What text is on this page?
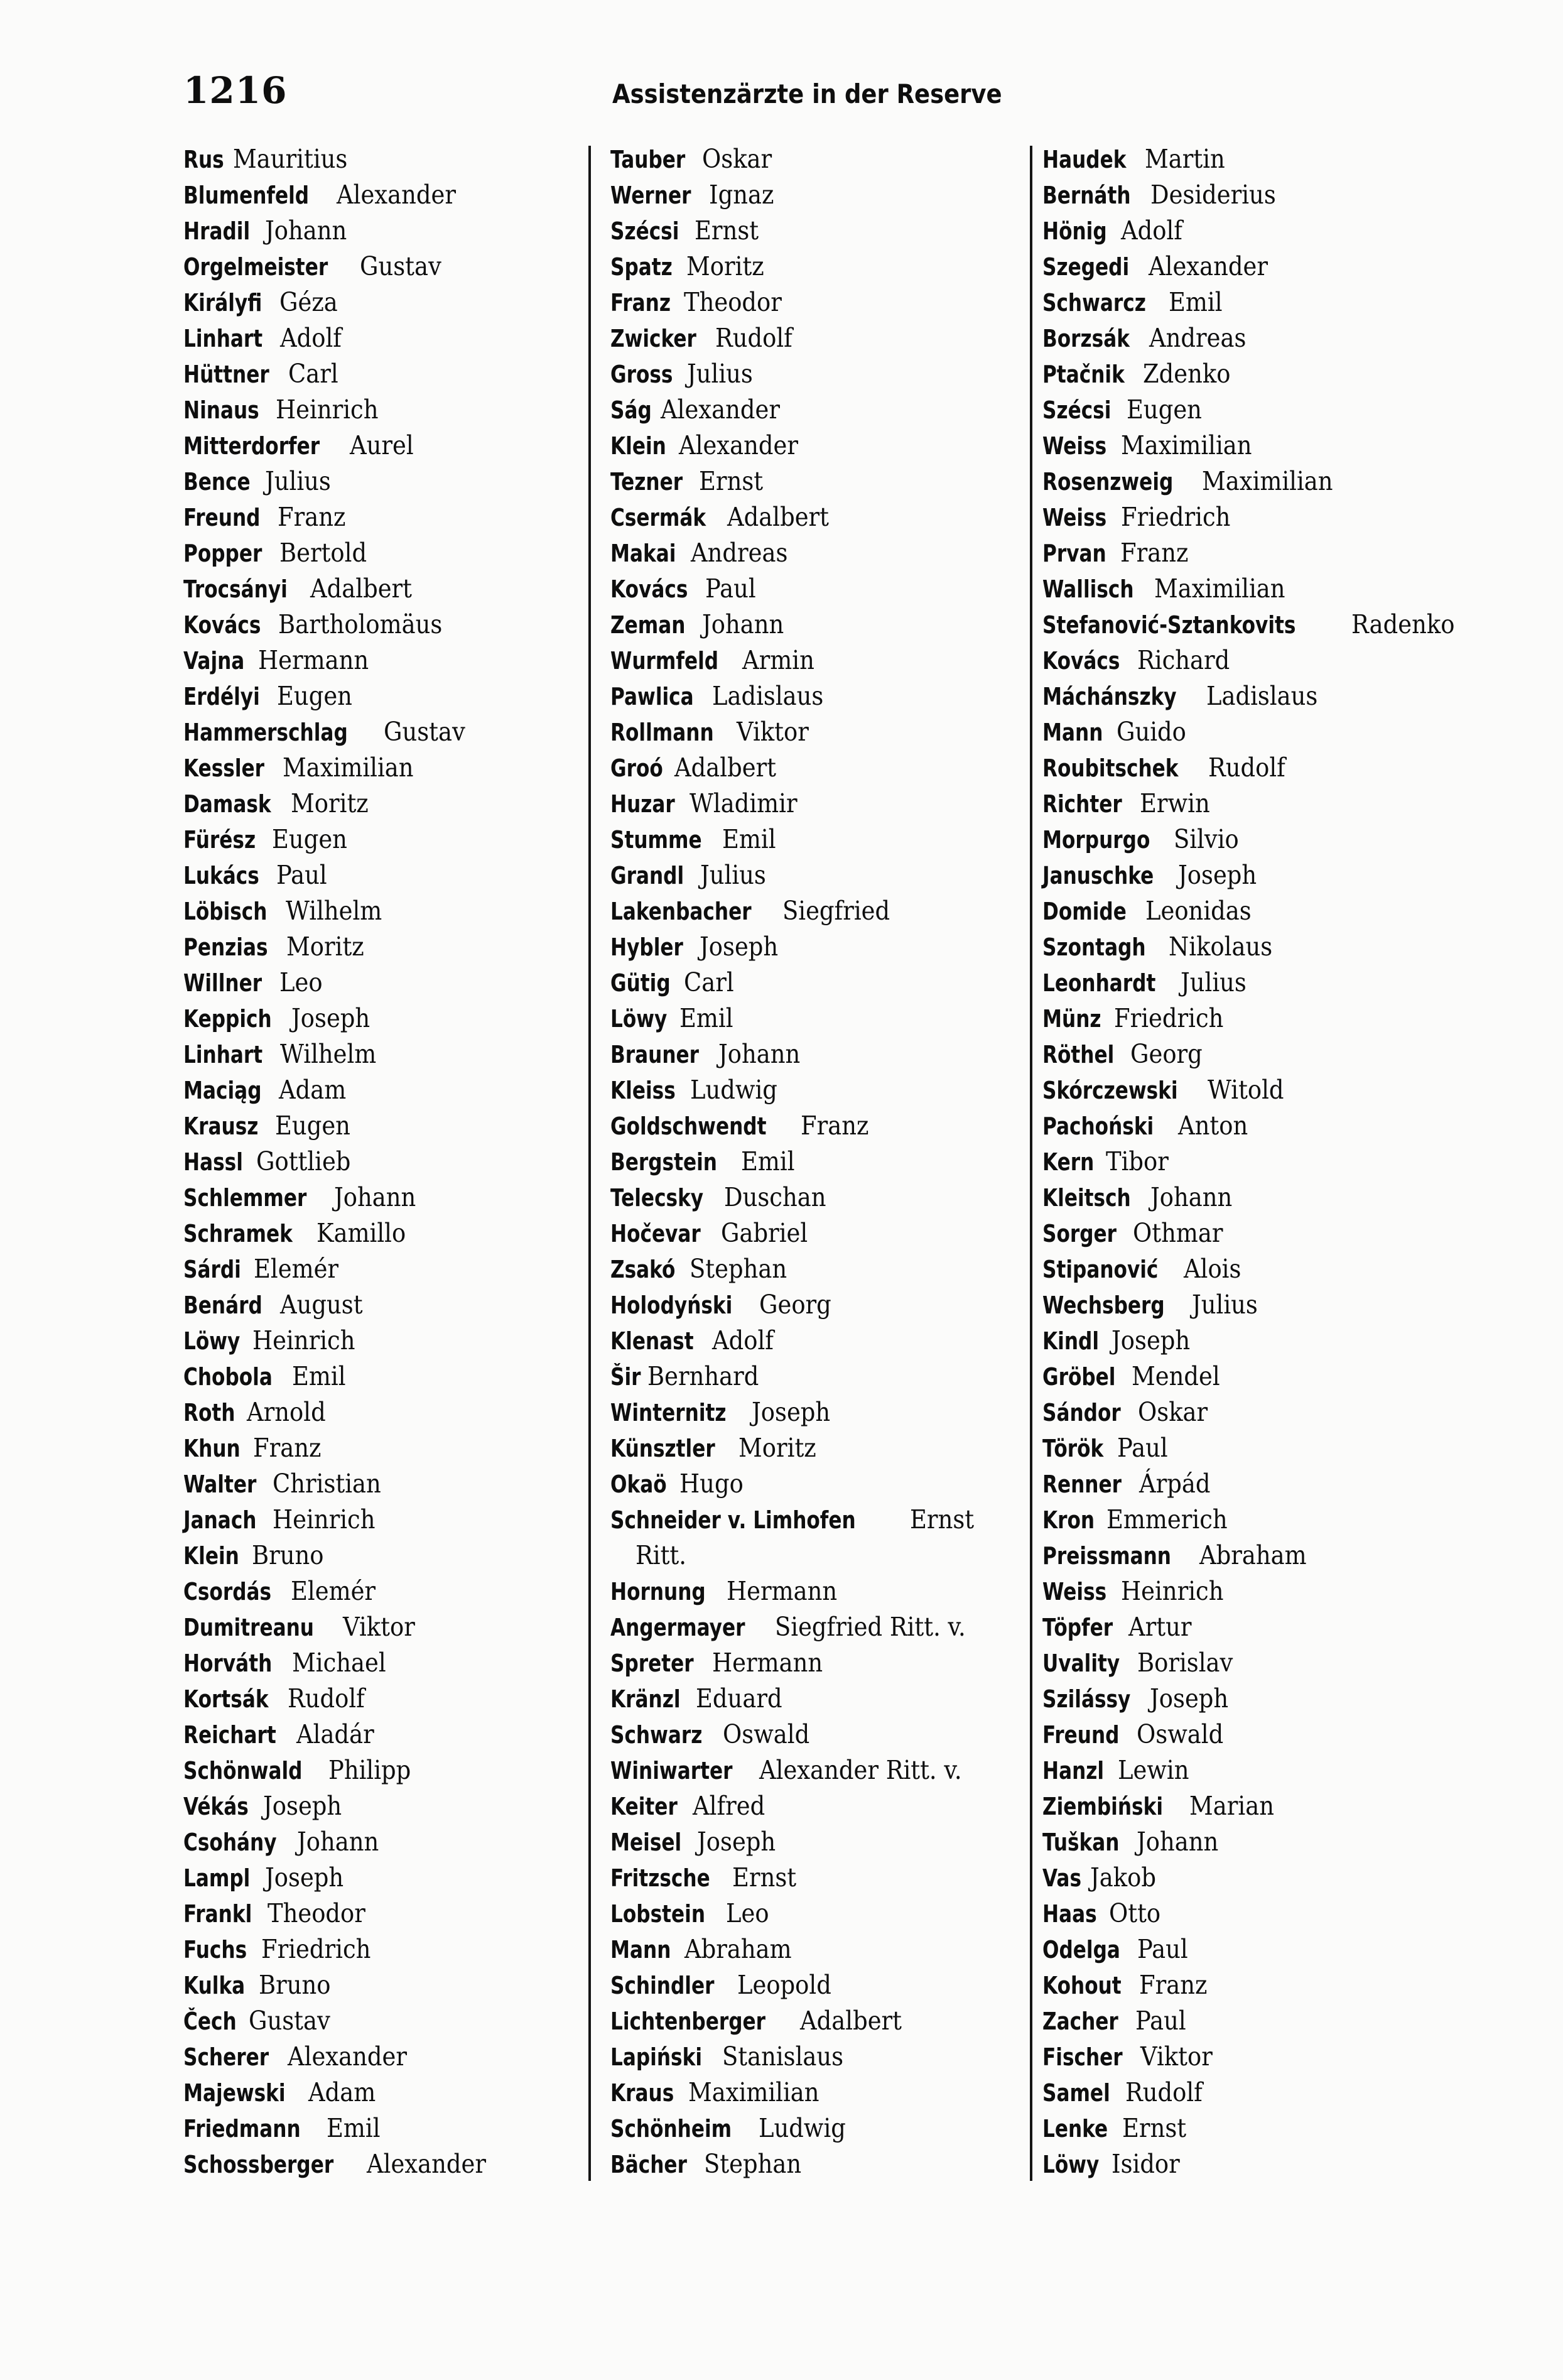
1216	Assistenzärzte in der Reserve
Rus Mauritius
Blumenfeld Alexander
Hradil Johann
Orgelmeister Gustav
Királyfi Géza
Linhart Adolf
Hüttner Carl
Ninaus Heinrich
Mitterdorfer Aurel
Bence Julius
Freund Franz
Popper Bertold
Trocsányi Adalbert
Kovács Bartholomäus
Vajna Hermann
Erdélyi Eugen
Hammerschlag Gustav
Kessler Maximilian
Damask Moritz
Fürész Eugen
Lukács Paul
Löbisch Wilhelm
Penzias Moritz
Willner Leo
Keppich Joseph
Linhart Wilhelm
Maciąg Adam
Krausz Eugen
Hassl Gottlieb
Schlemmer Johann
Schramek Kamillo
Sárdi Elemér
Benárd August
Löwy Heinrich
Chobola Emil
Roth Arnold
Khun Franz
Walter Christian
Janach Heinrich
Klein Bruno
Csordás Elemér
Dumitreanu Viktor
Horváth Michael
Kortsák Rudolf
Reichart Aladár
Schönwald Philipp
Vékás Joseph
Csohány Johann
Lampl Joseph
Frankl Theodor
Fuchs Friedrich
Kulka Bruno
Čech Gustav
Scherer Alexander
Majewski Adam
Friedmann Emil
Schossberger Alexander
Tauber Oskar
Werner Ignaz
Szécsi Ernst
Spatz Moritz
Franz Theodor
Zwicker Rudolf
Gross Julius
Ság Alexander
Klein Alexander
Tezner Ernst
Csermák Adalbert
Makai Andreas
Kovács Paul
Zeman Johann
Wurmfeld Armin
Pawlica Ladislaus
Rollmann Viktor
Groó Adalbert
Huzar Wladimir
Stumme Emil
Grandl Julius
Lakenbacher Siegfried
Hybler Joseph
Gütig Carl
Löwy Emil
Brauner Johann
Kleiss Ludwig
Goldschwendt Franz
Bergstein Emil
Telecsky Duschan
Hočevar Gabriel
Zsakó Stephan
Holodyński Georg
Klenast Adolf
Šir Bernhard
Winternitz Joseph
Künsztler Moritz
Okaö Hugo
Schneider v. Limhofen Ernst
Ritt.
Hornung Hermann
Angermayer Siegfried Ritt. v.
Spreter Hermann
Kränzl Eduard
Schwarz Oswald
Winiwarter Alexander Ritt. v.
Keiter Alfred
Meisel Joseph
Fritzsche Ernst
Lobstein Leo
Mann Abraham
Schindler Leopold
Lichtenberger Adalbert
Lapiński Stanislaus
Kraus Maximilian
Schönheim Ludwig
Bächer Stephan
Haudek Martin
Bernáth Desiderius
Hönig Adolf
Szegedi Alexander
Schwarcz Emil
Borzsák Andreas
Ptačnik Zdenko
Szécsi Eugen
Weiss Maximilian
Rosenzweig Maximilian
Weiss Friedrich
Prvan Franz
Wallisch Maximilian
Stefanović-Sztankovits Radenko
Kovács Richard
Máchánszky Ladislaus
Mann Guido
Roubitschek Rudolf
Richter Erwin
Morpurgo Silvio
Januschke Joseph
Domide Leonidas
Szontagh Nikolaus
Leonhardt Julius
Münz Friedrich
Röthel Georg
Skórczewski Witold
Pachoński Anton
Kern Tibor
Kleitsch Johann
Sorger Othmar
Stipanović Alois
Wechsberg Julius
Kindl Joseph
Gröbel Mendel
Sándor Oskar
Török Paul
Renner Árpád
Kron Emmerich
Preissmann Abraham
Weiss Heinrich
Töpfer Artur
Uvality Borislav
Szilássy Joseph
Freund Oswald
Hanzl Lewin
Ziembiński Marian
Tuškan Johann
Vas Jakob
Haas Otto
Odelga Paul
Kohout Franz
Zacher Paul
Fischer Viktor
Samel Rudolf
Lenke Ernst
Löwy Isidor
